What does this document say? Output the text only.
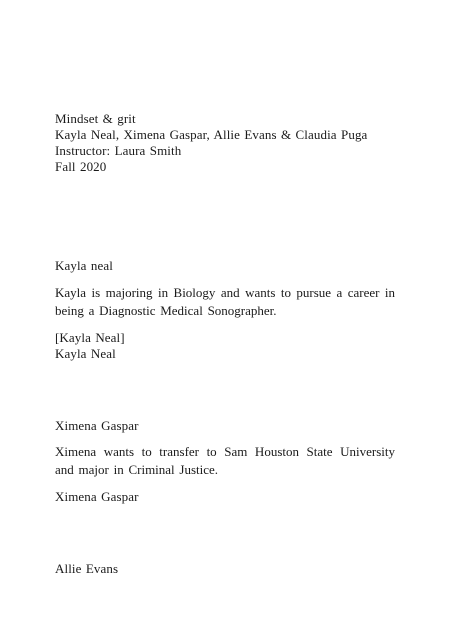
Mindset & grit
Kayla Neal, Ximena Gaspar, Allie Evans & Claudia Puga
Instructor: Laura Smith
Fall 2020
Kayla neal
Kayla is majoring in Biology and wants to pursue a career in being a Diagnostic Medical Sonographer.
[Kayla Neal]
Kayla Neal
Ximena Gaspar
Ximena wants to transfer to Sam Houston State University and major in Criminal Justice.
Ximena Gaspar
Allie Evans
